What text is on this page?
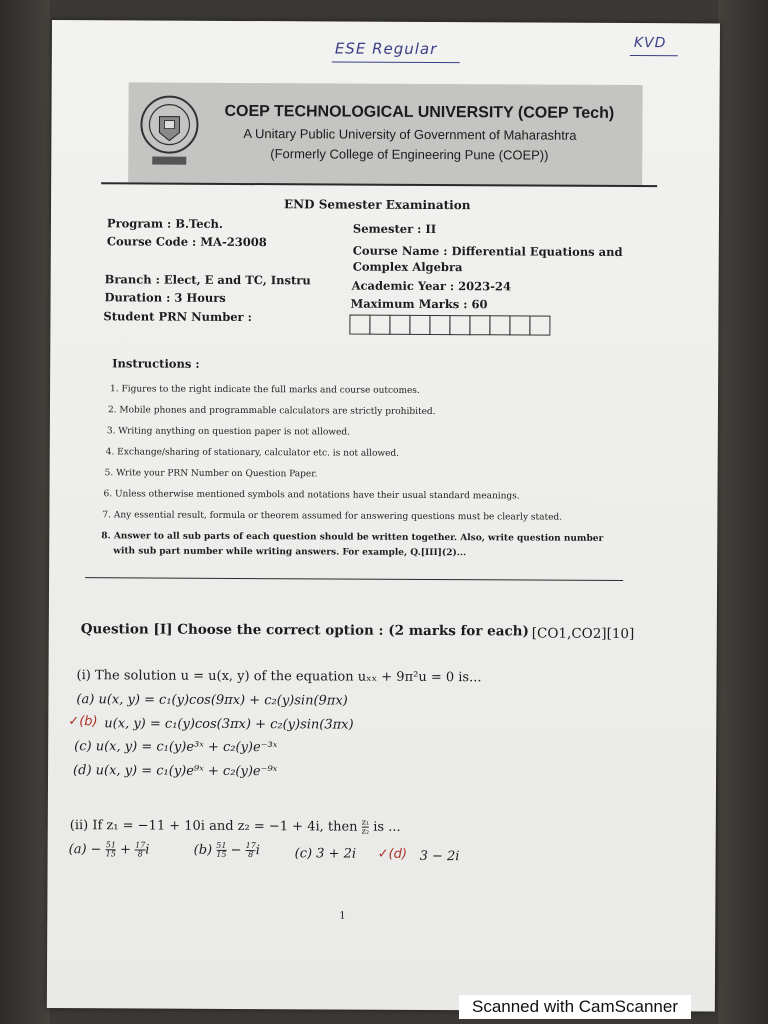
ESE Regular	KVD
COEP TECHNOLOGICAL UNIVERSITY (COEP Tech)
A Unitary Public University of Government of Maharashtra
(Formerly College of Engineering Pune (COEP))
END Semester Examination
Program : B.Tech.
Course Code : MA-23008
Branch : Elect, E and TC, Instru
Duration : 3 Hours
Student PRN Number :
Semester : II
Course Name : Differential Equations and
Complex Algebra
Academic Year : 2023-24
Maximum Marks : 60
Instructions :
1. Figures to the right indicate the full marks and course outcomes.
2. Mobile phones and programmable calculators are strictly prohibited.
3. Writing anything on question paper is not allowed.
4. Exchange/sharing of stationary, calculator etc. is not allowed.
5. Write your PRN Number on Question Paper.
6. Unless otherwise mentioned symbols and notations have their usual standard meanings.
7. Any essential result, formula or theorem assumed for answering questions must be clearly stated.
8. Answer to all sub parts of each question should be written together. Also, write question number
with sub part number while writing answers. For example, Q.[III](2)...
Question [I] Choose the correct option : (2 marks for each) [CO1,CO2][10]
(i) The solution u = u(x, y) of the equation uₓₓ + 9π²u = 0 is...
(a) u(x, y) = c₁(y)cos(9πx) + c₂(y)sin(9πx)
✓(b) u(x, y) = c₁(y)cos(3πx) + c₂(y)sin(3πx)
(c) u(x, y) = c₁(y)e³ˣ + c₂(y)e⁻³ˣ
(d) u(x, y) = c₁(y)e⁹ˣ + c₂(y)e⁻⁹ˣ
(ii) If z₁ = −11 + 10i and z₂ = −1 + 4i, then $\frac{\text{z₁}}{\text{z₂}}$ is ...
$(a) - \frac{51}{15} + \frac{17}{8}$ i	$(b) \frac{51}{15} - \frac{17}{8}$ i	(c) 3 + 2i ✓(d) 3 − 2i
1
Scanned with CamScanner
